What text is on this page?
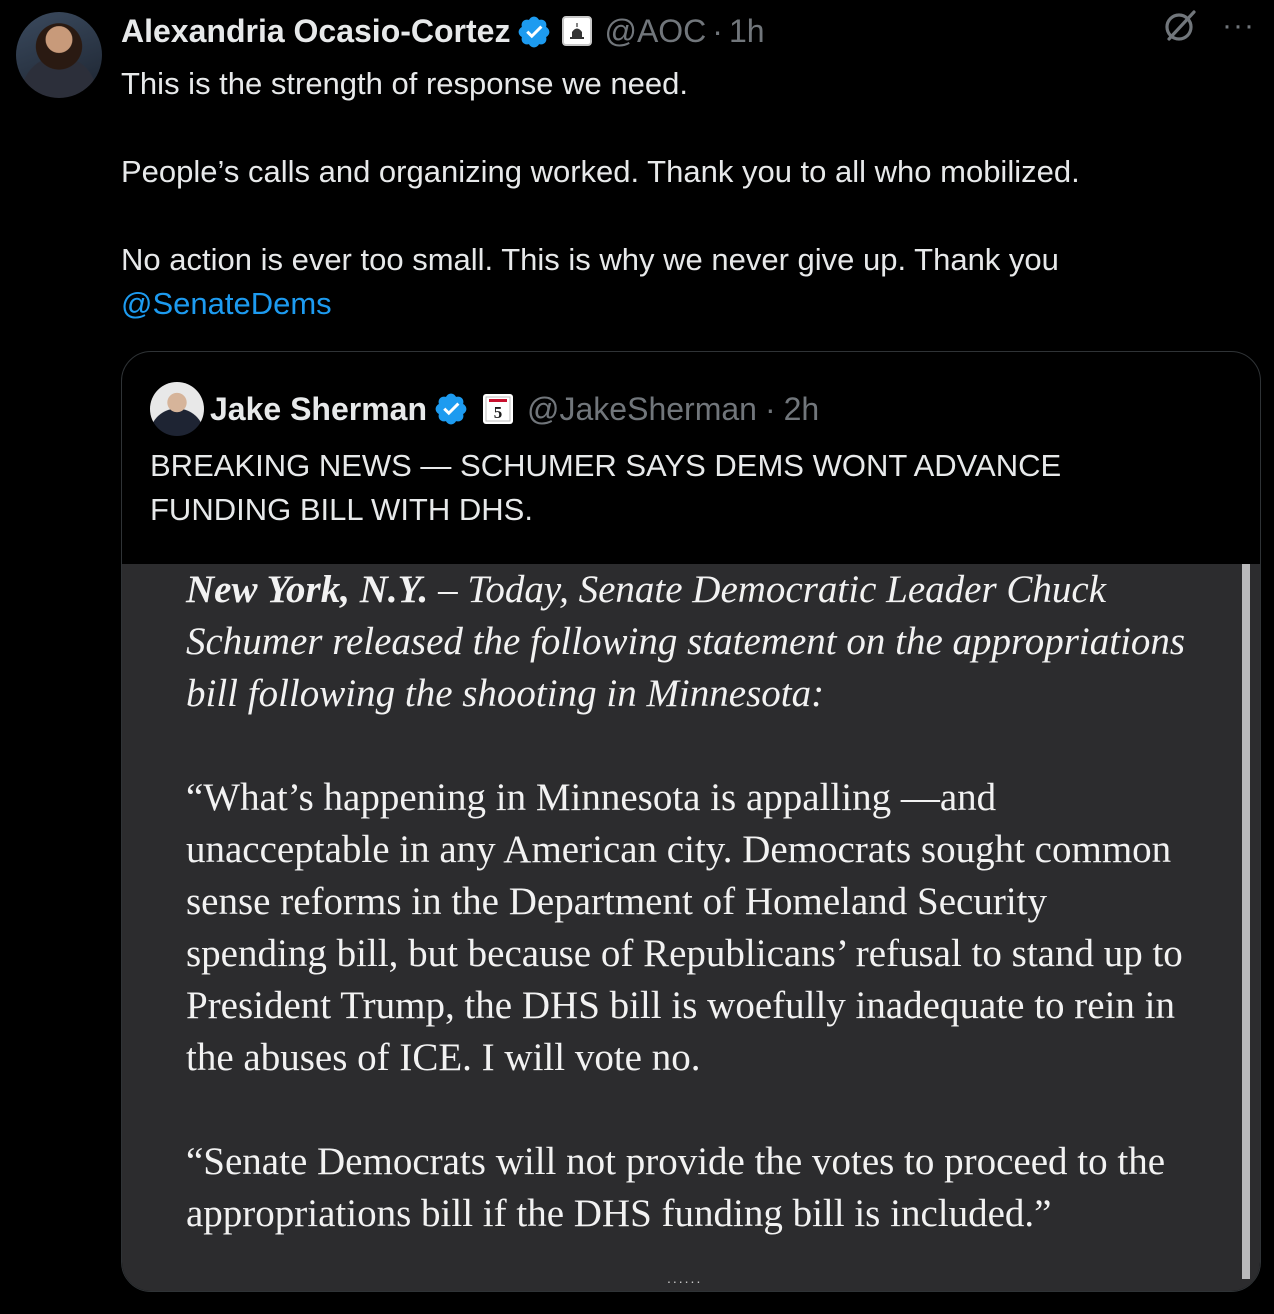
Alexandria Ocasio-Cortez	@AOC · 1h	···

This is the strength of response we need.

People’s calls and organizing worked. Thank you to all who mobilized.

No action is ever too small. This is why we never give up. Thank you

@SenateDems

Jake Sherman	5 @JakeSherman · 2h
BREAKING NEWS — SCHUMER SAYS DEMS WONT ADVANCE FUNDING BILL WITH DHS.

New York, N.Y. – Today, Senate Democratic Leader Chuck Schumer released the following statement on the appropriations bill following the shooting in Minnesota:

“What’s happening in Minnesota is appalling —and unacceptable in any American city. Democrats sought common sense reforms in the Department of Homeland Security spending bill, but because of Republicans’ refusal to stand up to President Trump, the DHS bill is woefully inadequate to rein in the abuses of ICE. I will vote no.

“Senate Democrats will not provide the votes to proceed to the appropriations bill if the DHS funding bill is included.”

......
